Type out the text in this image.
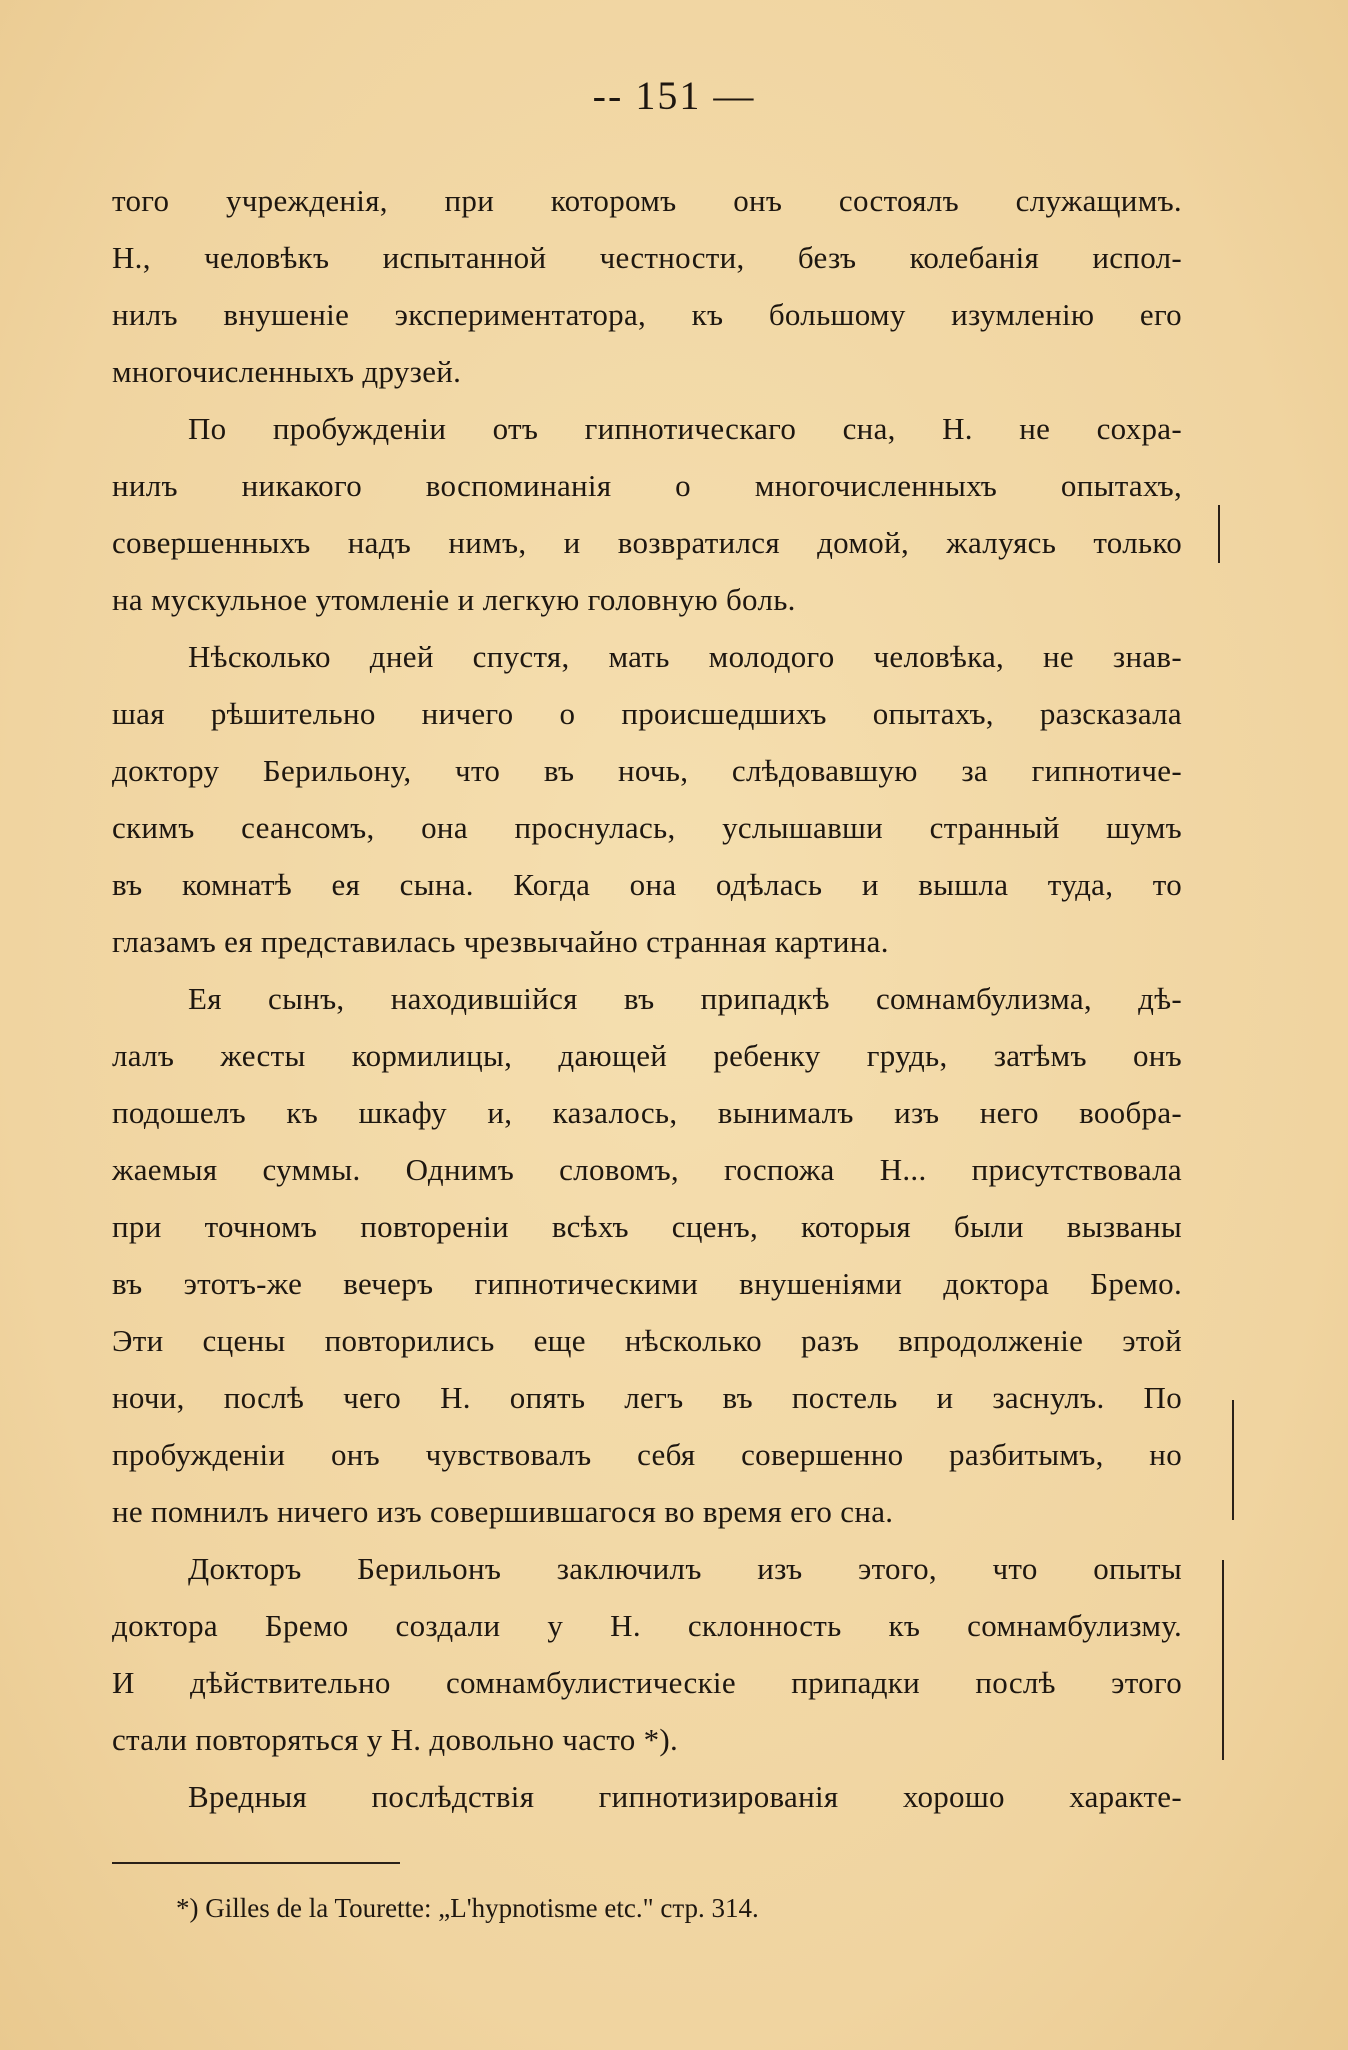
-- 151 —
того учрежденія, при которомъ онъ состоялъ служащимъ.
Н., человѣкъ испытанной честности, безъ колебанія испол-
нилъ внушеніе экспериментатора, къ большому изумленію его
многочисленныхъ друзей.
По пробужденіи отъ гипнотическаго сна, Н. не сохра-
нилъ никакого воспоминанія о многочисленныхъ опытахъ,
совершенныхъ надъ нимъ, и возвратился домой, жалуясь только
на мускульное утомленіе и легкую головную боль.
Нѣсколько дней спустя, мать молодого человѣка, не знав-
шая рѣшительно ничего о происшедшихъ опытахъ, разсказала
доктору Берильону, что въ ночь, слѣдовавшую за гипнотиче-
скимъ сеансомъ, она проснулась, услышавши странный шумъ
въ комнатѣ ея сына. Когда она одѣлась и вышла туда, то
глазамъ ея представилась чрезвычайно странная картина.
Ея сынъ, находившійся въ припадкѣ сомнамбулизма, дѣ-
лалъ жесты кормилицы, дающей ребенку грудь, затѣмъ онъ
подошелъ къ шкафу и, казалось, вынималъ изъ него вообра-
жаемыя суммы. Однимъ словомъ, госпожа Н... присутствовала
при точномъ повтореніи всѣхъ сценъ, которыя были вызваны
въ этотъ-же вечеръ гипнотическими внушеніями доктора Бремо.
Эти сцены повторились еще нѣсколько разъ впродолженіе этой
ночи, послѣ чего Н. опять легъ въ постель и заснулъ. По
пробужденіи онъ чувствовалъ себя совершенно разбитымъ, но
не помнилъ ничего изъ совершившагося во время его сна.
Докторъ Берильонъ заключилъ изъ этого, что опыты
доктора Бремо создали у Н. склонность къ сомнамбулизму.
И дѣйствительно сомнамбулистическіе припадки послѣ этого
стали повторяться у Н. довольно часто *).
Вредныя послѣдствія гипнотизированія хорошо характе-
*) Gilles de la Tourette: „L'hypnotisme etc." стр. 314.
